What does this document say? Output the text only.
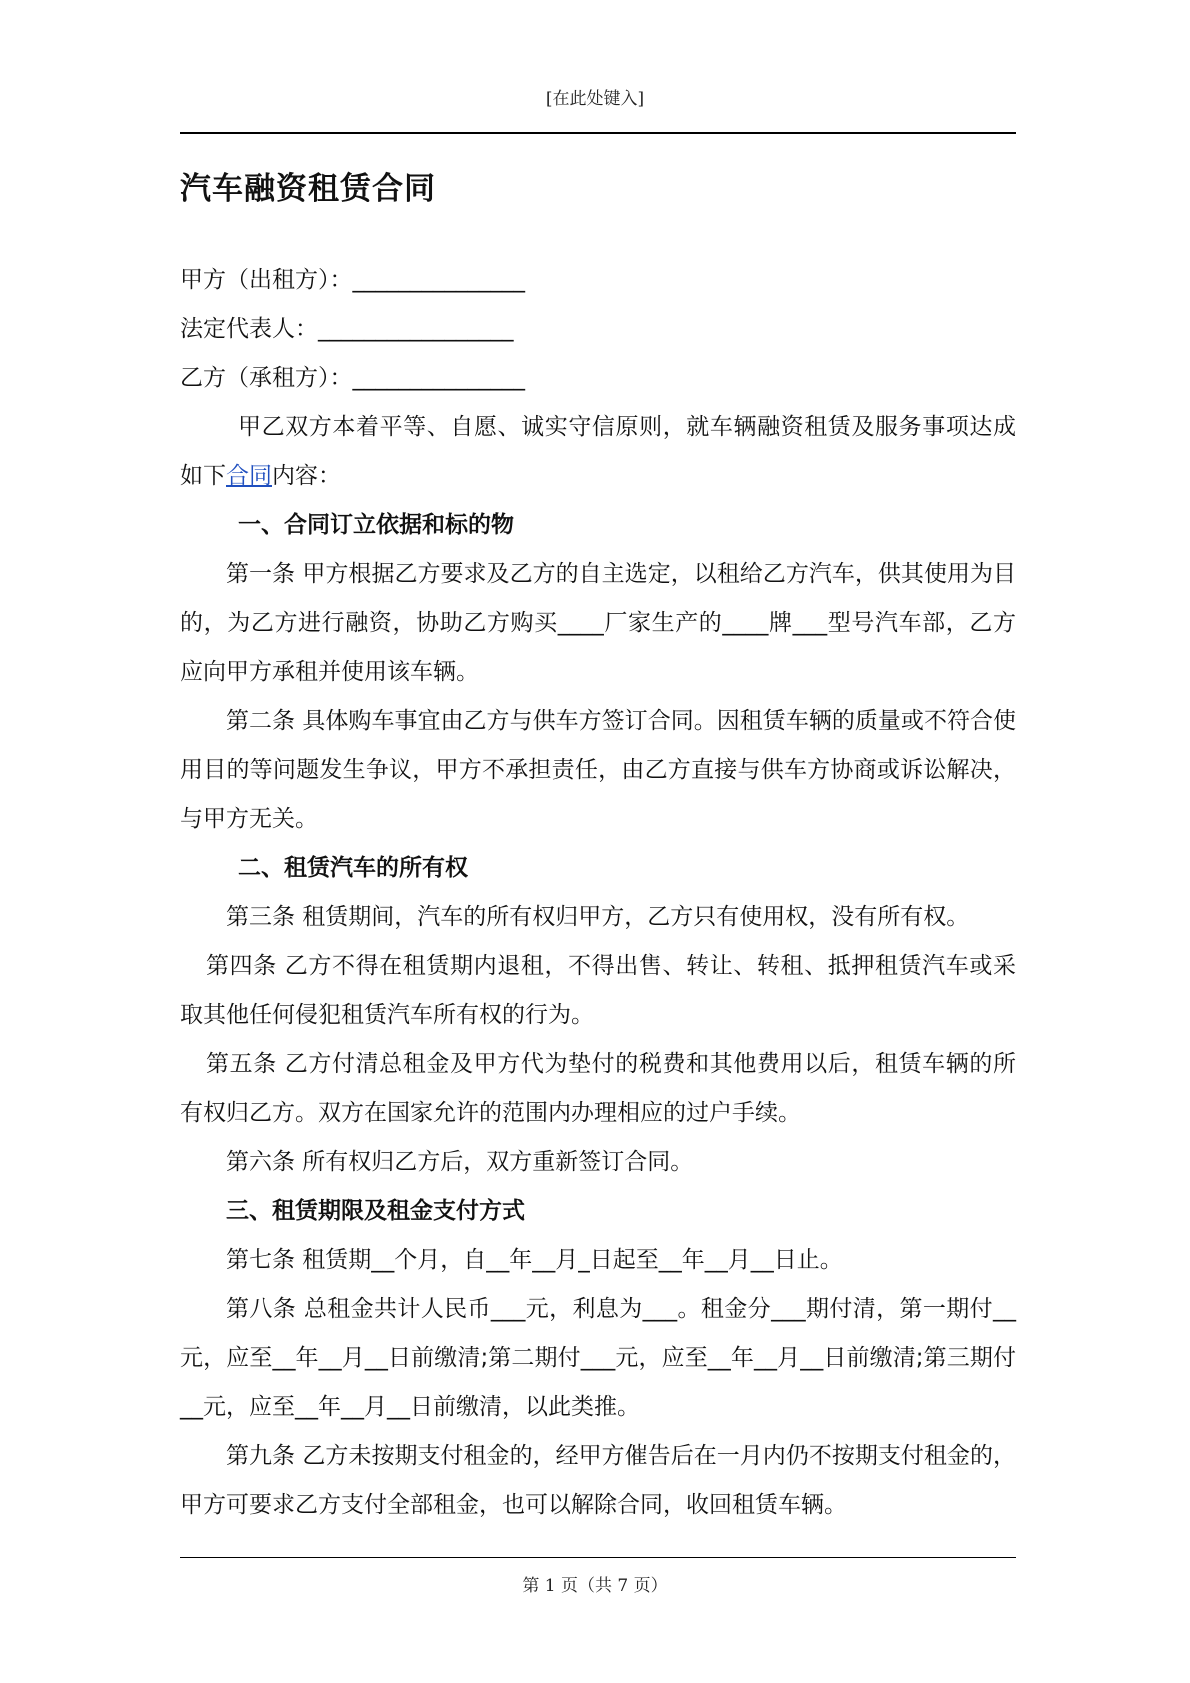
[在此处键入]
汽车融资租赁合同

甲方（出租方）：_______________

法定代表人：_________________

乙方（承租方）：_______________

甲乙双方本着平等、自愿、诚实守信原则，就车辆融资租赁及服务事项达成如下合同内容：

一、合同订立依据和标的物

第一条 甲方根据乙方要求及乙方的自主选定，以租给乙方汽车，供其使用为目的，为乙方进行融资，协助乙方购买____厂家生产的____牌___型号汽车部，乙方应向甲方承租并使用该车辆。

第二条 具体购车事宜由乙方与供车方签订合同。因租赁车辆的质量或不符合使用目的等问题发生争议，甲方不承担责任，由乙方直接与供车方协商或诉讼解决，与甲方无关。

二、租赁汽车的所有权

第三条 租赁期间，汽车的所有权归甲方，乙方只有使用权，没有所有权。

第四条 乙方不得在租赁期内退租，不得出售、转让、转租、抵押租赁汽车或采取其他任何侵犯租赁汽车所有权的行为。

第五条 乙方付清总租金及甲方代为垫付的税费和其他费用以后，租赁车辆的所有权归乙方。双方在国家允许的范围内办理相应的过户手续。

第六条 所有权归乙方后，双方重新签订合同。

三、租赁期限及租金支付方式

第七条 租赁期__个月，自__年__月_日起至__年__月__日止。

第八条 总租金共计人民币___元，利息为___。租金分___期付清，第一期付__元，应至__年__月__日前缴清;第二期付___元，应至__年__月__日前缴清;第三期付__元，应至__年__月__日前缴清，以此类推。

第九条 乙方未按期支付租金的，经甲方催告后在一月内仍不按期支付租金的，甲方可要求乙方支付全部租金，也可以解除合同，收回租赁车辆。

第 1 页（共 7 页）
